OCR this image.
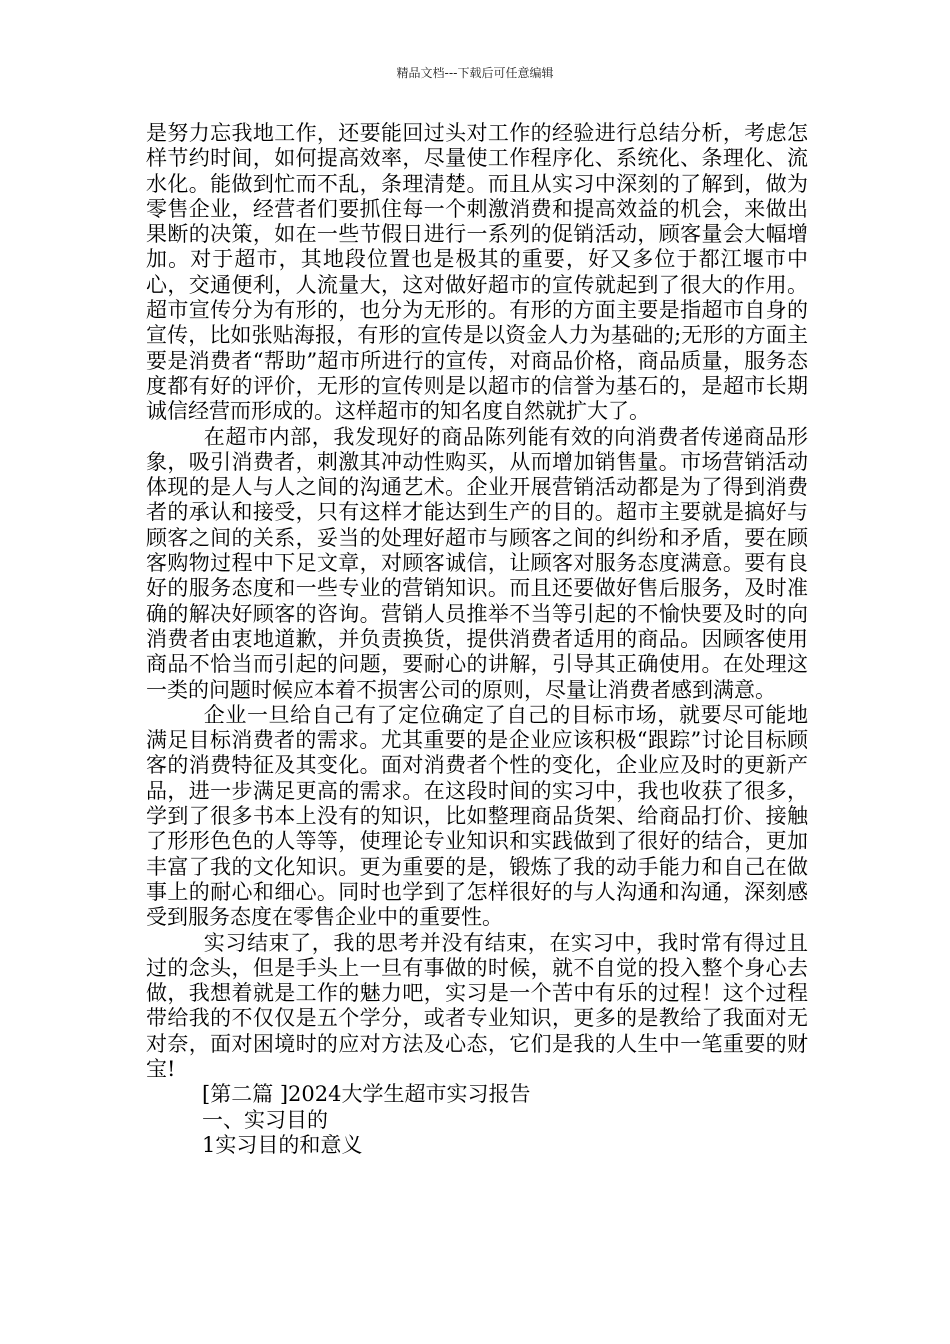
精品文档---下载后可任意编辑

是努力忘我地工作，还要能回过头对工作的经验进行总结分析，考虑怎样节约时间，如何提高效率，尽量使工作程序化、系统化、条理化、流水化。能做到忙而不乱，条理清楚。而且从实习中深刻的了解到，做为零售企业，经营者们要抓住每一个刺激消费和提高效益的机会，来做出果断的决策，如在一些节假日进行一系列的促销活动，顾客量会大幅增加。对于超市，其地段位置也是极其的重要，好又多位于都江堰市中心，交通便利，人流量大，这对做好超市的宣传就起到了很大的作用。超市宣传分为有形的，也分为无形的。有形的方面主要是指超市自身的宣传，比如张贴海报，有形的宣传是以资金人力为基础的;无形的方面主要是消费者“帮助”超市所进行的宣传，对商品价格，商品质量，服务态度都有好的评价，无形的宣传则是以超市的信誉为基石的，是超市长期诚信经营而形成的。这样超市的知名度自然就扩大了。

在超市内部，我发现好的商品陈列能有效的向消费者传递商品形象，吸引消费者，刺激其冲动性购买，从而增加销售量。市场营销活动体现的是人与人之间的沟通艺术。企业开展营销活动都是为了得到消费者的承认和接受，只有这样才能达到生产的目的。超市主要就是搞好与顾客之间的关系，妥当的处理好超市与顾客之间的纠纷和矛盾，要在顾客购物过程中下足文章，对顾客诚信，让顾客对服务态度满意。要有良好的服务态度和一些专业的营销知识。而且还要做好售后服务，及时准确的解决好顾客的咨询。营销人员推举不当等引起的不愉快要及时的向消费者由衷地道歉，并负责换货，提供消费者适用的商品。因顾客使用商品不恰当而引起的问题，要耐心的讲解，引导其正确使用。在处理这一类的问题时候应本着不损害公司的原则，尽量让消费者感到满意。

企业一旦给自己有了定位确定了自己的目标市场，就要尽可能地满足目标消费者的需求。尤其重要的是企业应该积极“跟踪”讨论目标顾客的消费特征及其变化。面对消费者个性的变化，企业应及时的更新产品，进一步满足更高的需求。在这段时间的实习中，我也收获了很多，学到了很多书本上没有的知识，比如整理商品货架、给商品打价、接触了形形色色的人等等，使理论专业知识和实践做到了很好的结合，更加丰富了我的文化知识。更为重要的是，锻炼了我的动手能力和自己在做事上的耐心和细心。同时也学到了怎样很好的与人沟通和沟通，深刻感受到服务态度在零售企业中的重要性。

实习结束了，我的思考并没有结束，在实习中，我时常有得过且过的念头，但是手头上一旦有事做的时候，就不自觉的投入整个身心去做，我想着就是工作的魅力吧，实习是一个苦中有乐的过程！这个过程带给我的不仅仅是五个学分，或者专业知识，更多的是教给了我面对无对奈，面对困境时的应对方法及心态，它们是我的人生中一笔重要的财宝!

[第二篇 ]2024大学生超市实习报告

一、实习目的

1实习目的和意义
